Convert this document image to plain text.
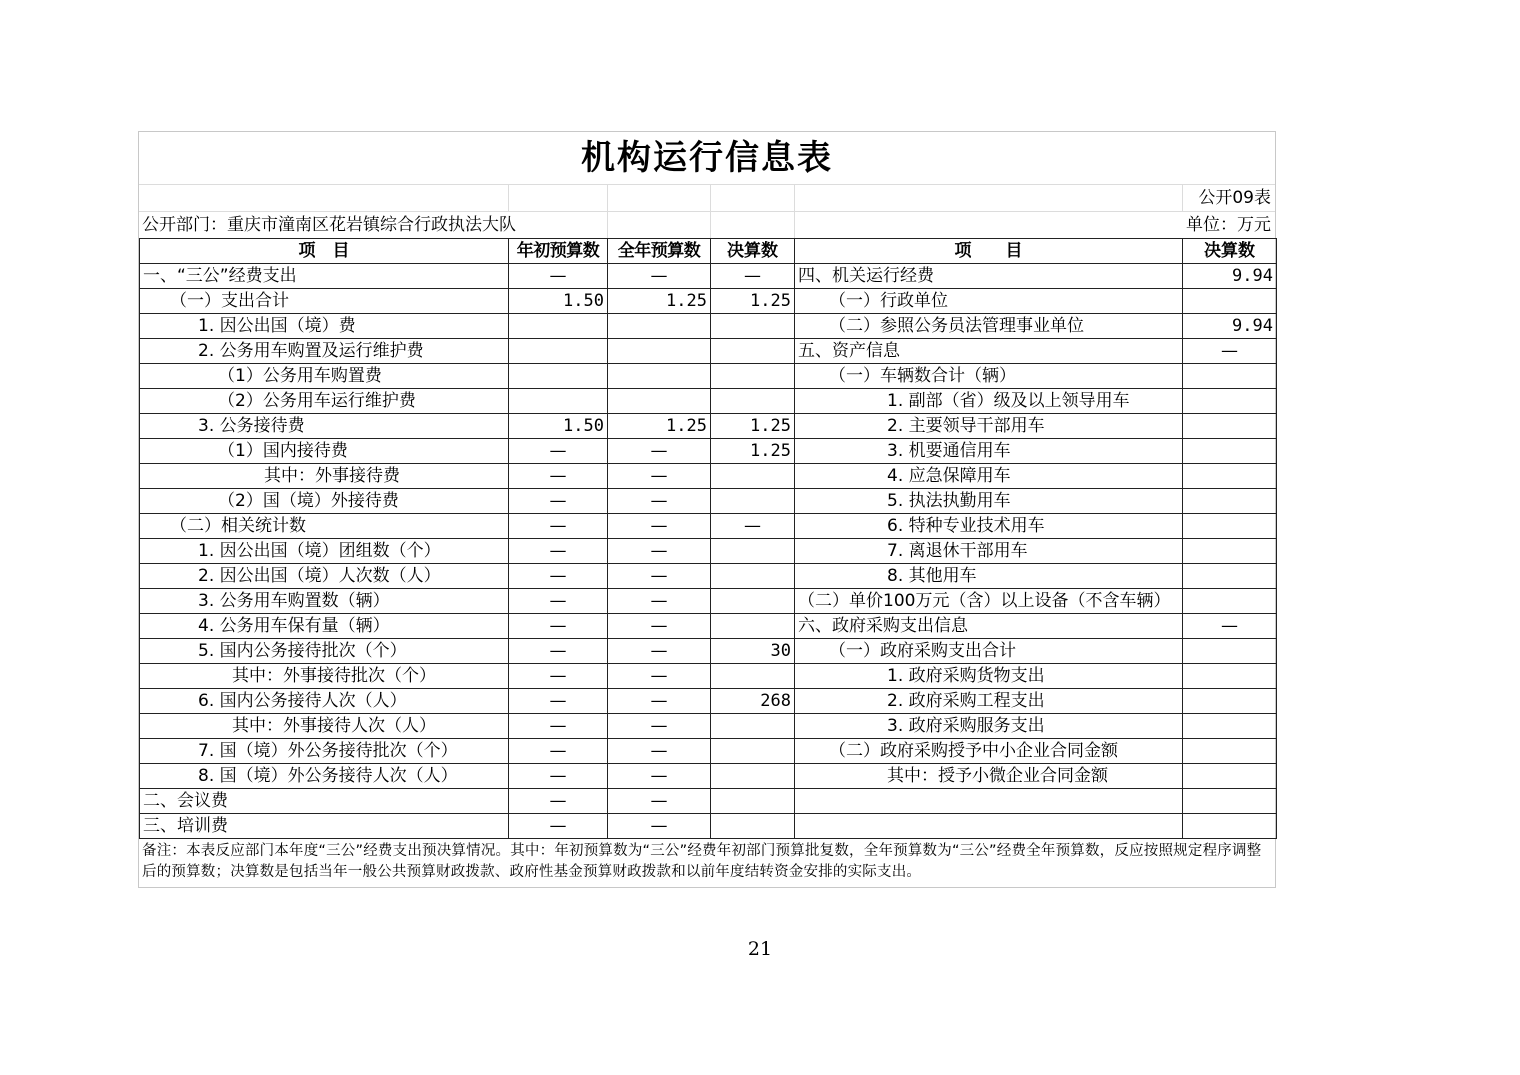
机构运行信息表
公开09表
公开部门：重庆市潼南区花岩镇综合行政执法大队	单位：万元
项　目	年初预算数	全年预算数	决算数	项　　目	决算数
一、“三公”经费支出	—	—	—	四、机关运行经费	9.94
（一）支出合计	1.50	1.25	1.25	（一）行政单位	
1. 因公出国（境）费				（二）参照公务员法管理事业单位	9.94
2. 公务用车购置及运行维护费				五、资产信息	—
（1）公务用车购置费				（一）车辆数合计（辆）	
（2）公务用车运行维护费				1. 副部（省）级及以上领导用车	
3. 公务接待费	1.50	1.25	1.25	2. 主要领导干部用车	
（1）国内接待费	—	—	1.25	3. 机要通信用车	
其中：外事接待费	—	—		4. 应急保障用车	
（2）国（境）外接待费	—	—		5. 执法执勤用车	
（二）相关统计数	—	—	—	6. 特种专业技术用车	
1. 因公出国（境）团组数（个）	—	—		7. 离退休干部用车	
2. 因公出国（境）人次数（人）	—	—		8. 其他用车	
3. 公务用车购置数（辆）	—	—		（二）单价100万元（含）以上设备（不含车辆）	
4. 公务用车保有量（辆）	—	—		六、政府采购支出信息	—
5. 国内公务接待批次（个）	—	—	30	（一）政府采购支出合计	
其中：外事接待批次（个）	—	—		1. 政府采购货物支出	
6. 国内公务接待人次（人）	—	—	268	2. 政府采购工程支出	
其中：外事接待人次（人）	—	—		3. 政府采购服务支出	
7. 国（境）外公务接待批次（个）	—	—		（二）政府采购授予中小企业合同金额	
8. 国（境）外公务接待人次（人）	—	—		其中：授予小微企业合同金额	
二、会议费	—	—			
三、培训费	—	—			
备注：本表反应部门本年度“三公”经费支出预决算情况。其中：年初预算数为“三公”经费年初部门预算批复数，全年预算数为“三公”经费全年预算数，反应按照规定程序调整后的预算数；决算数是包括当年一般公共预算财政拨款、政府性基金预算财政拨款和以前年度结转资金安排的实际支出。
21
